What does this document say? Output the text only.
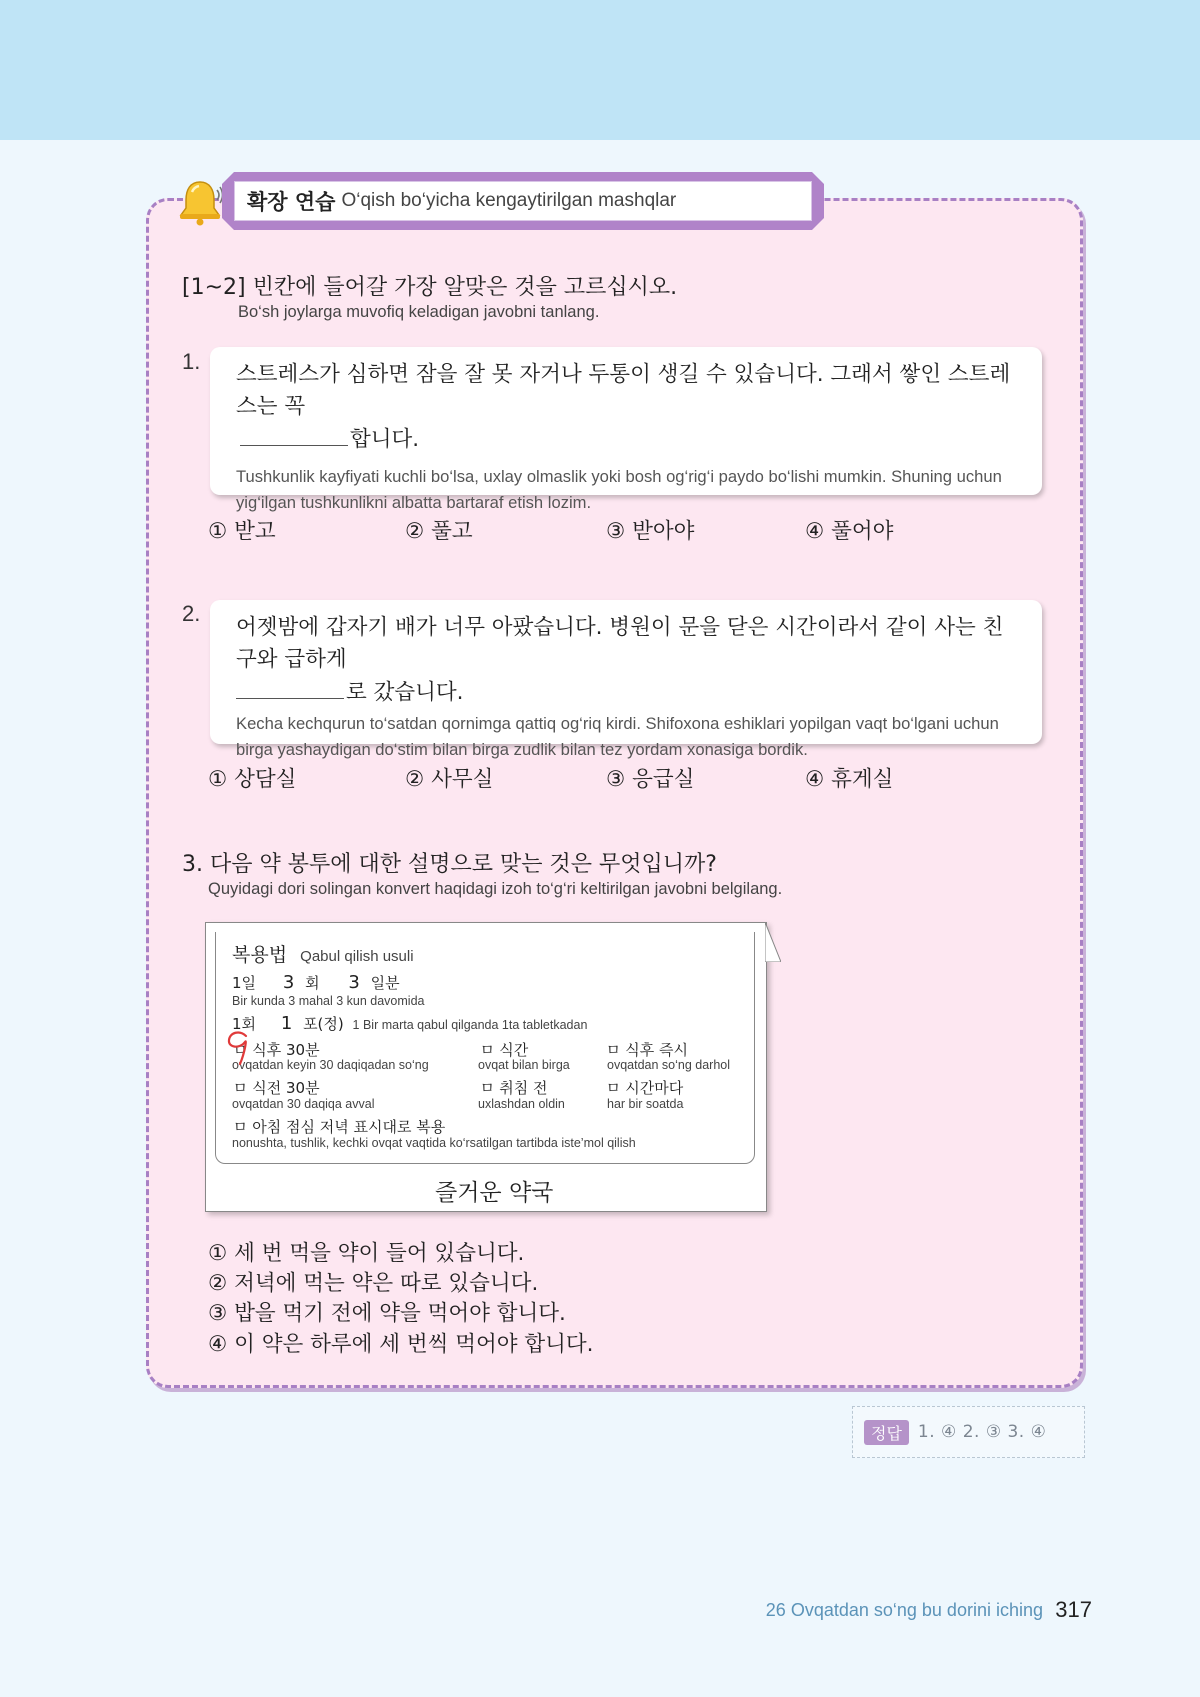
확장 연습 O‘qish bo‘yicha kengaytirilgan mashqlar
[1~2] 빈칸에 들어갈 가장 알맞은 것을 고르십시오.
Bo‘sh joylarga muvofiq keladigan javobni tanlang.
1.
스트레스가 심하면 잠을 잘 못 자거나 두통이 생길 수 있습니다. 그래서 쌓인 스트레스는 꼭
합니다.
Tushkunlik kayfiyati kuchli bo‘lsa, uxlay olmaslik yoki bosh og‘rig‘i paydo bo‘lishi mumkin. Shuning uchun yig‘ilgan tushkunlikni albatta bartaraf etish lozim.
① 받고	② 풀고	③ 받아야	④ 풀어야
2.
어젯밤에 갑자기 배가 너무 아팠습니다. 병원이 문을 닫은 시간이라서 같이 사는 친구와 급하게
로 갔습니다.
Kecha kechqurun to‘satdan qornimga qattiq og‘riq kirdi. Shifoxona eshiklari yopilgan vaqt bo‘lgani uchun birga yashaydigan do‘stim bilan birga zudlik bilan tez yordam xonasiga bordik.
① 상담실	② 사무실	③ 응급실	④ 휴게실
3. 다음 약 봉투에 대한 설명으로 맞는 것은 무엇입니까?
Quyidagi dori solingan konvert haqidagi izoh to‘g‘ri keltirilgan javobni belgilang.
복용법 Qabul qilish usuli
1일 3 회 3 일분
Bir kunda 3 mahal 3 kun davomida
1회 1 포(정) 1 Bir marta qabul qilganda 1ta tabletkadan
ㅁ 식후 30분
ovqatdan keyin 30 daqiqadan so‘ng
ㅁ 식간
ovqat bilan birga
ㅁ 식후 즉시
ovqatdan so‘ng darhol
ㅁ 식전 30분
ovqatdan 30 daqiqa avval
ㅁ 취침 전
uxlashdan oldin
ㅁ 시간마다
har bir soatda
ㅁ 아침 점심 저녁 표시대로 복용
nonushta, tushlik, kechki ovqat vaqtida ko‘rsatilgan tartibda iste’mol qilish
즐거운 약국
① 세 번 먹을 약이 들어 있습니다.
② 저녁에 먹는 약은 따로 있습니다.
③ 밥을 먹기 전에 약을 먹어야 합니다.
④ 이 약은 하루에 세 번씩 먹어야 합니다.
정답 1. ④ 2. ③ 3. ④
26 Ovqatdan so‘ng bu dorini iching 317
